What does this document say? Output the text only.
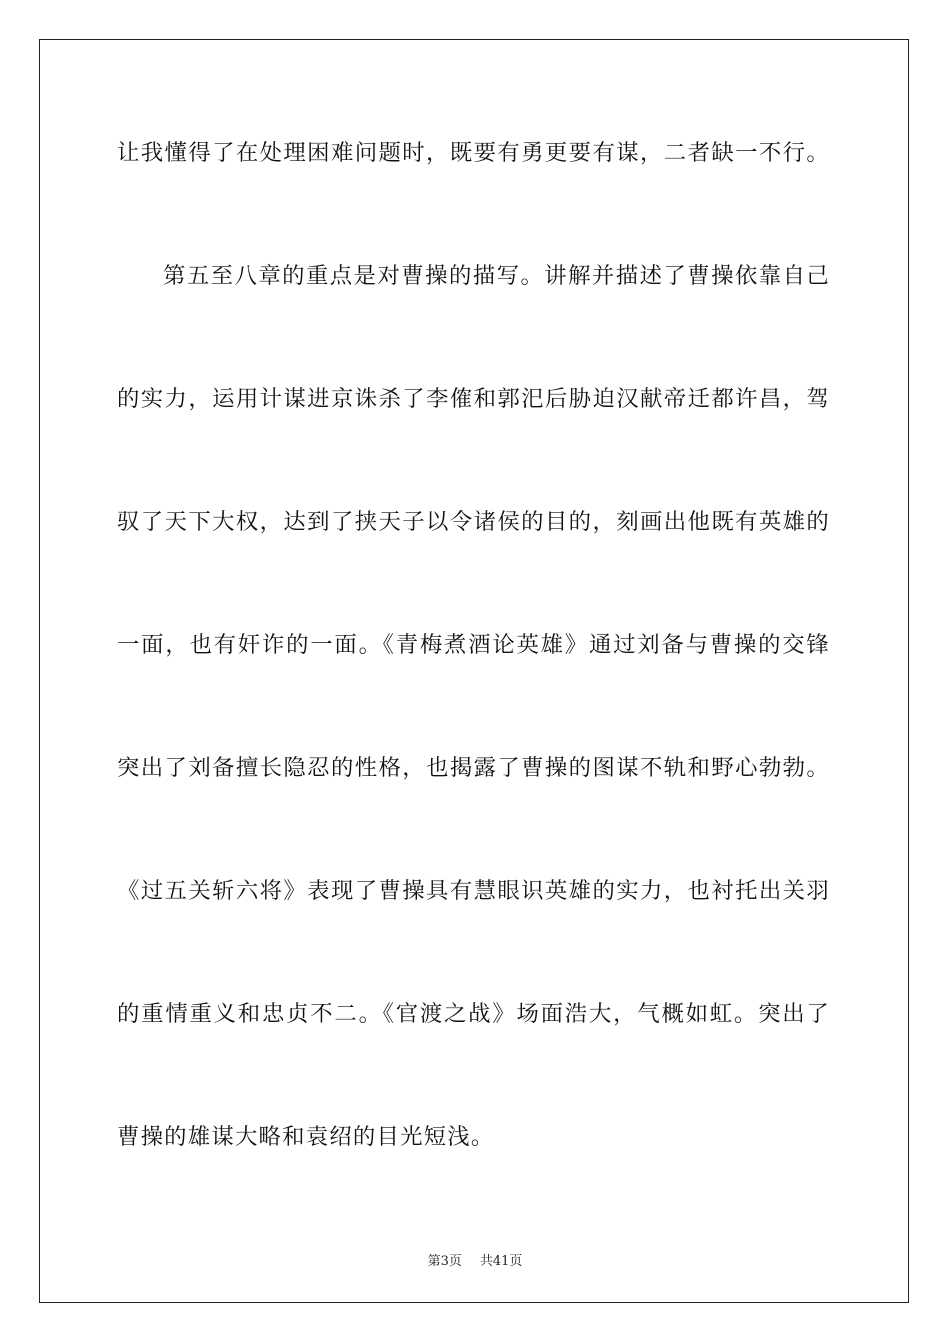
让我懂得了在处理困难问题时，既要有勇更要有谋，二者缺一不行。
第五至八章的重点是对曹操的描写。讲解并描述了曹操依靠自己
的实力，运用计谋进京诛杀了李傕和郭汜后胁迫汉献帝迁都许昌，驾
驭了天下大权，达到了挟天子以令诸侯的目的，刻画出他既有英雄的
一面，也有奸诈的一面。《青梅煮酒论英雄》通过刘备与曹操的交锋
突出了刘备擅长隐忍的性格，也揭露了曹操的图谋不轨和野心勃勃。
《过五关斩六将》表现了曹操具有慧眼识英雄的实力，也衬托出关羽
的重情重义和忠贞不二。《官渡之战》场面浩大，气概如虹。突出了
曹操的雄谋大略和袁绍的目光短浅。
第3页 共41页
